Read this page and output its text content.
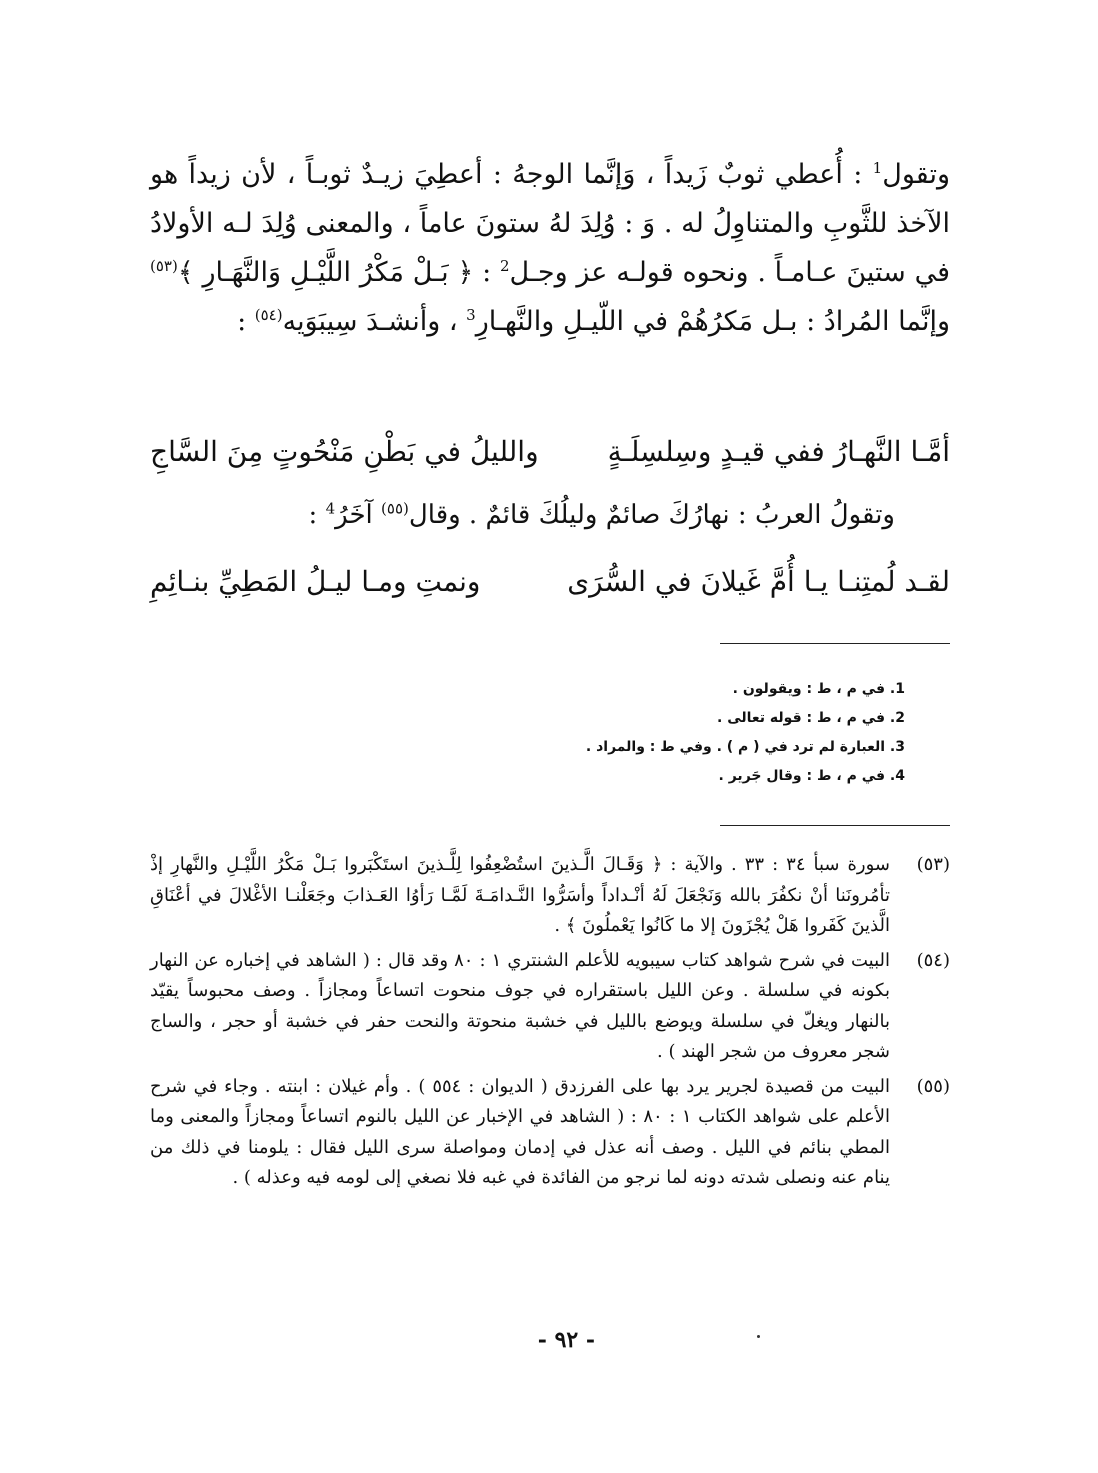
وتقول$^1$ : أُعطي ثوبٌ زَيداً ، وَإنَّما الوجهُ : أعطِيَ زيـدٌ ثوبـاً ، لأن زيداً هو الآخذ للثَّوبِ والمتناوِلُ له . وَ : وُلِدَ لهُ ستونَ عاماً ، والمعنى وُلِدَ لـه الأولادُ في ستينَ عـامـاً . ونحوه قولـه عز وجـل$^2$ : ﴿ بَـلْ مَكْرُ اللَّيْـلِ وَالنَّهَـارِ ﴾$^{(٥٣)}$ وإنَّما المُرادُ : بـل مَكرُهُمْ في اللّيـلِ والنَّهـارِ$^3$ ، وأنشـدَ سِيبَوَيه$^{(٥٤)}$ :

أمَّـا النَّهـارُ ففي قيـدٍ وسِلسِلَـةٍ
والليلُ في بَطْنِ مَنْحُوتٍ مِنَ السَّاجِ
وتقولُ العربُ : نهارُكَ صائمٌ وليلُكَ قائمٌ . وقال$^{(٥٥)}$ آخَرُ$^4$ :
لقـد لُمتِنـا يـا أُمَّ غَيلانَ في السُّرَى
ونمتِ ومـا ليـلُ المَطِيِّ بنـائِمِ
1. في م ، ط : ويقولون .
2. في م ، ط : قوله تعالى .
3. العبارة لم ترد في ( م ) . وفي ط : والمراد .
4. في م ، ط : وقال جَرير .
(٥٣)
سورة سبأ ٣٤ : ٣٣ . والآية : ﴿ وَقَـالَ الَّـذينَ استُضْعِفُوا لِلَّـذينَ استَكْبَروا بَـلْ مَكْرُ اللَّيْـلِ والنَّهارِ إذْ تأمُرونَنا أنْ نكفُرَ بالله وَنَجْعَلَ لَهُ أنْـداداً وأسَرُّوا النَّـدامَـةَ لَمَّـا رَأوُا العَـذابَ وجَعَلْنـا الأغْلالَ في أعْنَاقِ الَّذينَ كَفَروا هَلْ يُجْزَونَ إلا ما كَانُوا يَعْملُونَ ﴾ .
(٥٤)
البيت في شرح شواهد كتاب سيبويه للأعلم الشنتري ١ : ٨٠ وقد قال : ( الشاهد في إخباره عن النهار بكونه في سلسلة . وعن الليل باستقراره في جوف منحوت اتساعاً ومجازاً . وصف محبوساً يقيّد بالنهار ويغلّ في سلسلة ويوضع بالليل في خشبة منحوتة والنحت حفر في خشبة أو حجر ، والساج شجر معروف من شجر الهند ) .
(٥٥)
البيت من قصيدة لجرير يرد بها على الفرزدق ( الديوان : ٥٥٤ ) . وأم غيلان : ابنته . وجاء في شرح الأعلم على شواهد الكتاب ١ : ٨٠ : ( الشاهد في الإخبار عن الليل بالنوم اتساعاً ومجازاً والمعنى وما المطي بنائم في الليل . وصف أنه عذل في إدمان ومواصلة سرى الليل فقال : يلومنا في ذلك من ينام عنه ونصلى شدته دونه لما نرجو من الفائدة في غبه فلا نصغي إلى لومه فيه وعذله ) .
- ٩٢ -
